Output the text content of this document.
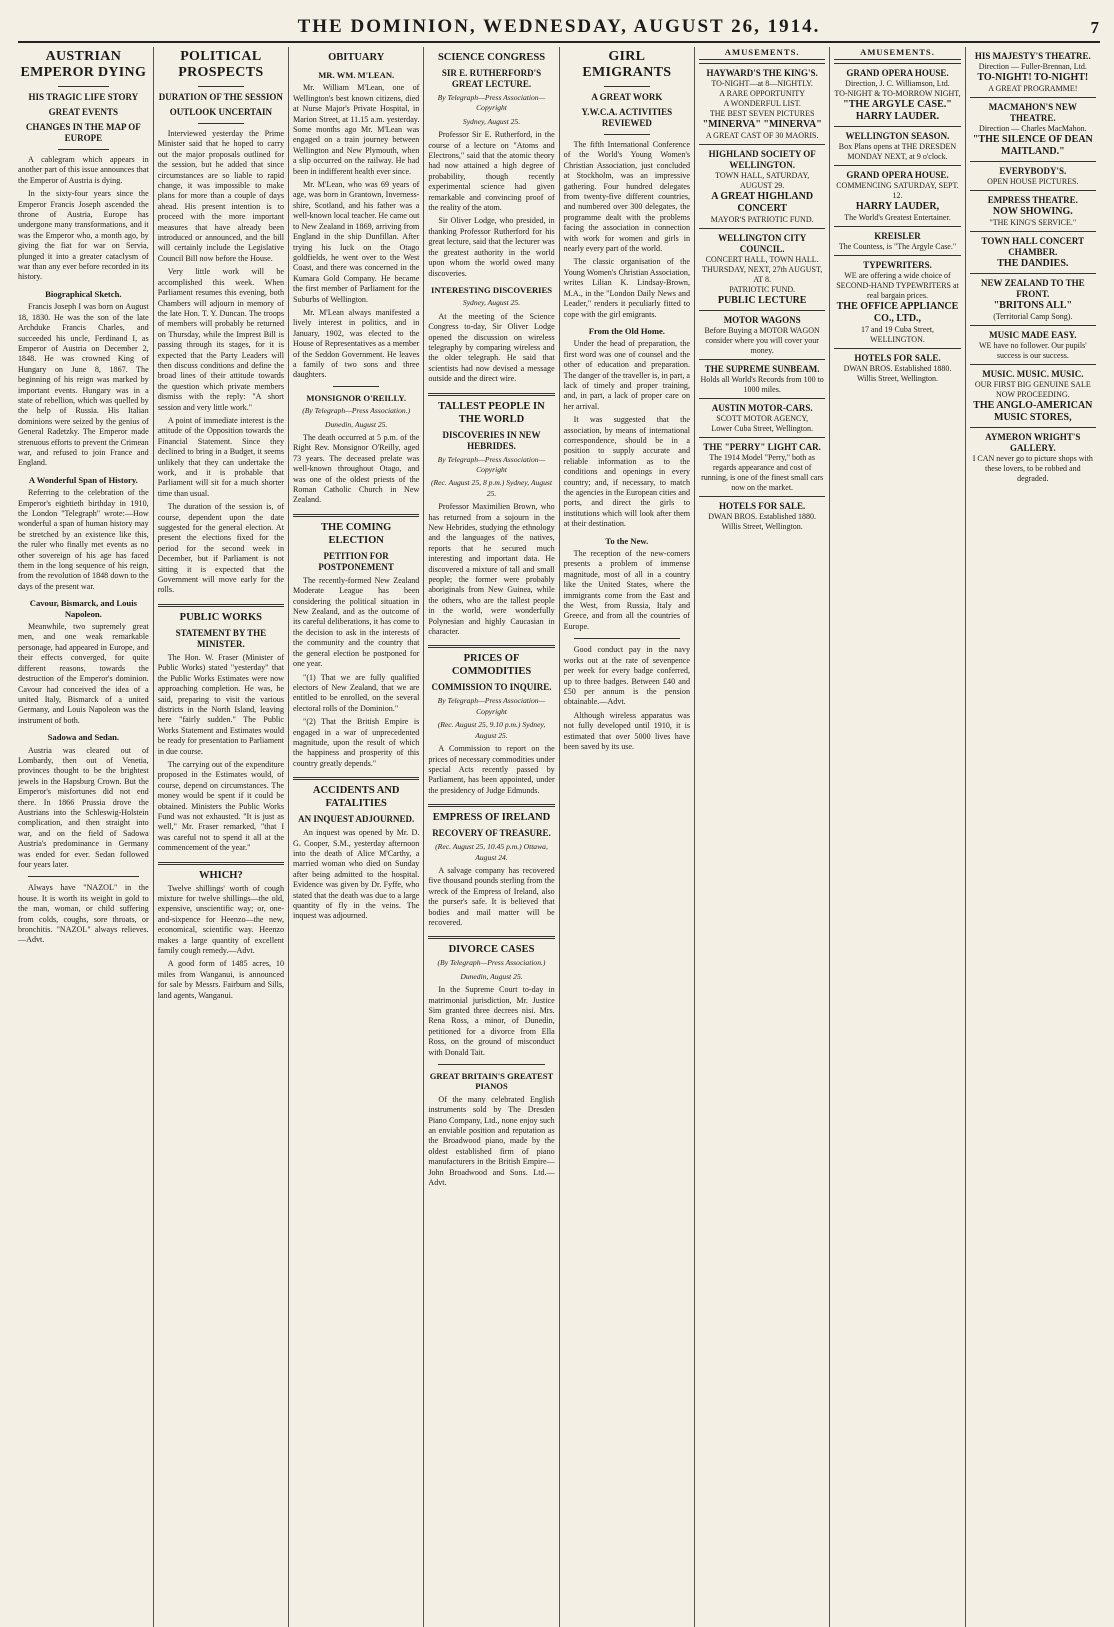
THE DOMINION, WEDNESDAY, AUGUST 26, 1914.	7
AUSTRIAN EMPEROR DYING
HIS TRAGIC LIFE STORY
GREAT EVENTS
CHANGES IN THE MAP OF EUROPE

A cablegram which appears in another part of this issue announces that the Emperor of Austria is dying.

In the sixty-four years since the Emperor Francis Joseph ascended the throne of Austria, Europe has undergone many transformations, and it was the Emperor who, a month ago, by giving the fiat for war on Servia, plunged it into a greater cataclysm of war than any ever before recorded in its history.

Biographical Sketch.

Francis Joseph I was born on August 18, 1830. He was the son of the late Archduke Francis Charles, and succeeded his uncle, Ferdinand I, as Emperor of Austria on December 2, 1848. He was crowned King of Hungary on June 8, 1867. The beginning of his reign was marked by important events. Hungary was in a state of rebellion, which was quelled by the help of Russia. His Italian dominions were seized by the genius of General Radetzky. The Emperor made strenuous efforts to prevent the Crimean war, and refused to join France and England.

A Wonderful Span of History.

Referring to the celebration of the Emperor's eightieth birthday in 1910, the London "Telegraph" wrote:—How wonderful a span of human history may be stretched by an existence like this, the ruler who finally met events as no other sovereign of his age has faced them in the long sequence of his reign, from the revolution of 1848 down to the days of the present war.

Cavour, Bismarck, and Louis Napoleon.

Meanwhile, two supremely great men, and one weak remarkable personage, had appeared in Europe, and their effects converged, for quite different reasons, towards the destruction of the Emperor's dominion. Cavour had conceived the idea of a united Italy, Bismarck of a united Germany, and Louis Napoleon was the instrument of both.

Sadowa and Sedan.

Austria was cleared out of Lombardy, then out of Venetia, provinces thought to be the brightest jewels in the Hapsburg Crown. But the Emperor's misfortunes did not end there. In 1866 Prussia drove the Austrians into the Schleswig-Holstein complication, and then straight into war, and on the field of Sadowa Austria's predominance in Germany was ended for ever. Sedan followed four years later.

Always have "NAZOL" in the house. It is worth its weight in gold to the man, woman, or child suffering from colds, coughs, sore throats, or bronchitis. "NAZOL" always relieves.—Advt.

POLITICAL PROSPECTS
DURATION OF THE SESSION
OUTLOOK UNCERTAIN

Interviewed yesterday the Prime Minister said that he hoped to carry out the major proposals outlined for the session, but he added that since circumstances are so liable to rapid change, it was impossible to make plans for more than a couple of days ahead. His present intention is to proceed with the more important measures that have already been introduced or announced, and the bill will certainly include the Legislative Council Bill now before the House.

Very little work will be accomplished this week. When Parliament resumes this evening, both Chambers will adjourn in memory of the late Hon. T. Y. Duncan. The troops of members will probably be returned on Thursday, while the Imprest Bill is passing through its stages, for it is expected that the Party Leaders will then discuss conditions and define the broad lines of their attitude towards the question which private members dismiss with the reply: "A short session and very little work."

A point of immediate interest is the attitude of the Opposition towards the Financial Statement. Since they declined to bring in a Budget, it seems unlikely that they can undertake the work, and it is probable that Parliament will sit for a much shorter time than usual.

The duration of the session is, of course, dependent upon the date suggested for the general election. At present the elections fixed for the period for the second week in December, but if Parliament is not sitting it is expected that the Government will move early for the rolls.

PUBLIC WORKS
STATEMENT BY THE MINISTER.

The Hon. W. Fraser (Minister of Public Works) stated "yesterday" that the Public Works Estimates were now approaching completion. He was, he said, preparing to visit the various districts in the North Island, leaving here "fairly sudden." The Public Works Statement and Estimates would be ready for presentation to Parliament in due course.

The carrying out of the expenditure proposed in the Estimates would, of course, depend on circumstances. The money would be spent if it could be obtained. Ministers the Public Works Fund was not exhausted. "It is just as well," Mr. Fraser remarked, "that I was careful not to spend it all at the commencement of the year."

WHICH?

Twelve shillings' worth of cough mixture for twelve shillings—the old, expensive, unscientific way; or, one-and-sixpence for Heenzo—the new, economical, scientific way. Heenzo makes a large quantity of excellent family cough remedy.—Advt.

A good form of 1485 acres, 10 miles from Wanganui, is announced for sale by Messrs. Fairburn and Sills, land agents, Wanganui.

OBITUARY
MR. WM. M'LEAN.

Mr. William M'Lean, one of Wellington's best known citizens, died at Nurse Major's Private Hospital, in Marion Street, at 11.15 a.m. yesterday. Some months ago Mr. M'Lean was engaged on a train journey between Wellington and New Plymouth, when a slip occurred on the railway. He had been in indifferent health ever since.

Mr. M'Lean, who was 69 years of age, was born in Grantown, Inverness-shire, Scotland, and his father was a well-known local teacher. He came out to New Zealand in 1869, arriving from England in the ship Dunfillan. After trying his luck on the Otago goldfields, he went over to the West Coast, and there was concerned in the Kumara Gold Company. He became the first member of Parliament for the Suburbs of Wellington.

Mr. M'Lean always manifested a lively interest in politics, and in January, 1902, was elected to the House of Representatives as a member of the Seddon Government. He leaves a family of two sons and three daughters.

MONSIGNOR O'REILLY.
(By Telegraph—Press Association.)
Dunedin, August 25.

The death occurred at 5 p.m. of the Right Rev. Monsignor O'Reilly, aged 73 years. The deceased prelate was well-known throughout Otago, and was one of the oldest priests of the Roman Catholic Church in New Zealand.

THE COMING ELECTION
PETITION FOR POSTPONEMENT

The recently-formed New Zealand Moderate League has been considering the political situation in New Zealand, and as the outcome of its careful deliberations, it has come to the decision to ask in the interests of the community and the country that the general election be postponed for one year.

"(1) That we are fully qualified electors of New Zealand, that we are entitled to be enrolled, on the several electoral rolls of the Dominion."

"(2) That the British Empire is engaged in a war of unprecedented magnitude, upon the result of which the happiness and prosperity of this country greatly depends."

ACCIDENTS AND FATALITIES
AN INQUEST ADJOURNED.

An inquest was opened by Mr. D. G. Cooper, S.M., yesterday afternoon into the death of Alice M'Carthy, a married woman who died on Sunday after being admitted to the hospital. Evidence was given by Dr. Fyffe, who stated that the death was due to a large quantity of fly in the veins. The inquest was adjourned.

SCIENCE CONGRESS
SIR E. RUTHERFORD'S GREAT LECTURE.
By Telegraph—Press Association—Copyright
Sydney, August 25.

Professor Sir E. Rutherford, in the course of a lecture on "Atoms and Electrons," said that the atomic theory had now attained a high degree of probability, though recently experimental science had given remarkable and convincing proof of the reality of the atom.

Sir Oliver Lodge, who presided, in thanking Professor Rutherford for his great lecture, said that the lecturer was the greatest authority in the world upon whom the world owed many discoveries.

INTERESTING DISCOVERIES
Sydney, August 25.

At the meeting of the Science Congress to-day, Sir Oliver Lodge opened the discussion on wireless telegraphy by comparing wireless and the older telegraph. He said that scientists had now devised a message outside and the direct wire.

TALLEST PEOPLE IN THE WORLD
DISCOVERIES IN NEW HEBRIDES.
By Telegraph—Press Association—Copyright
(Rec. August 25, 8 p.m.) Sydney, August 25.

Professor Maximilien Brown, who has returned from a sojourn in the New Hebrides, studying the ethnology and the languages of the natives, reports that he secured much interesting and important data. He discovered a mixture of tall and small people; the former were probably aboriginals from New Guinea, while the others, who are the tallest people in the world, were wonderfully Polynesian and highly Caucasian in character.

PRICES OF COMMODITIES
COMMISSION TO INQUIRE.
By Telegraph—Press Association—Copyright
(Rec. August 25, 9.10 p.m.) Sydney, August 25.

A Commission to report on the prices of necessary commodities under special Acts recently passed by Parliament, has been appointed, under the presidency of Judge Edmunds.

EMPRESS OF IRELAND
RECOVERY OF TREASURE.
(Rec. August 25, 10.45 p.m.) Ottawa, August 24.

A salvage company has recovered five thousand pounds sterling from the wreck of the Empress of Ireland, also the purser's safe. It is believed that bodies and mail matter will be recovered.

DIVORCE CASES
(By Telegraph—Press Association.)
Dunedin, August 25.

In the Supreme Court to-day in matrimonial jurisdiction, Mr. Justice Sim granted three decrees nisi. Mrs. Rena Ross, a minor, of Dunedin, petitioned for a divorce from Ella Ross, on the ground of misconduct with Donald Tait.

GREAT BRITAIN'S GREATEST PIANOS

Of the many celebrated English instruments sold by The Dresden Piano Company, Ltd., none enjoy such an enviable position and reputation as the Broadwood piano, made by the oldest established firm of piano manufacturers in the British Empire—John Broadwood and Sons. Ltd.—Advt.

GIRL EMIGRANTS
A GREAT WORK
Y.W.C.A. ACTIVITIES REVIEWED

The fifth International Conference of the World's Young Women's Christian Association, just concluded at Stockholm, was an impressive gathering. Four hundred delegates from twenty-five different countries, and numbered over 300 delegates, the programme dealt with the problems facing the association in connection with work for women and girls in nearly every part of the world.

The classic organisation of the Young Women's Christian Association, writes Lilian K. Lindsay-Brown, M.A., in the "London Daily News and Leader," renders it peculiarly fitted to cope with the girl emigrants.

From the Old Home.

Under the head of preparation, the first word was one of counsel and the other of education and preparation. The danger of the traveller is, in part, a lack of timely and proper training, and, in part, a lack of proper care on her arrival.

It was suggested that the association, by means of international correspondence, should be in a position to supply accurate and reliable information as to the conditions and openings in every country; and, if necessary, to match the agencies in the European cities and ports, and direct the girls to institutions which will look after them at their destination.

To the New.

The reception of the new-comers presents a problem of immense magnitude, most of all in a country like the United States, where the immigrants come from the East and the West, from Russia, Italy and Greece, and from all the countries of Europe.

Good conduct pay in the navy works out at the rate of sevenpence per week for every badge conferred, up to three badges. Between £40 and £50 per annum is the pension obtainable.—Advt.

Although wireless apparatus was not fully developed until 1910, it is estimated that over 5000 lives have been saved by its use.

AMUSEMENTS.
HAYWARD'S THE KING'S.
TO-NIGHT—at 8—NIGHTLY.
A RARE OPPORTUNITY
A WONDERFUL LIST.
THE BEST SEVEN PICTURES
"MINERVA" "MINERVA"
A GREAT CAST OF 30 MAORIS.
HIGHLAND SOCIETY OF WELLINGTON.
TOWN HALL, SATURDAY, AUGUST 29.
A GREAT HIGHLAND CONCERT
MAYOR'S PATRIOTIC FUND.
WELLINGTON CITY COUNCIL.
CONCERT HALL, TOWN HALL.
THURSDAY, NEXT, 27th AUGUST, AT 8.
PATRIOTIC FUND.
PUBLIC LECTURE
MOTOR WAGONS
Before Buying a MOTOR WAGON consider where you will cover your money.
THE SUPREME SUNBEAM.
Holds all World's Records from 100 to 1000 miles.
AUSTIN MOTOR-CARS.
SCOTT MOTOR AGENCY,
Lower Cuba Street, Wellington.
THE "PERRY" LIGHT CAR.
The 1914 Model "Perry," both as regards appearance and cost of running, is one of the finest small cars now on the market.
HOTELS FOR SALE.
DWAN BROS. Established 1880.
Willis Street, Wellington.
AMUSEMENTS.
GRAND OPERA HOUSE.
Direction, J. C. Williamson, Ltd.
TO-NIGHT & TO-MORROW NIGHT,
"THE ARGYLE CASE."
HARRY LAUDER.
WELLINGTON SEASON.
Box Plans opens at THE DRESDEN MONDAY NEXT, at 9 o'clock.
GRAND OPERA HOUSE.
COMMENCING SATURDAY, SEPT. 12.
HARRY LAUDER,
The World's Greatest Entertainer.
KREISLER
The Countess, is "The Argyle Case."
TYPEWRITERS.
WE are offering a wide choice of SECOND-HAND TYPEWRITERS at real bargain prices.
THE OFFICE APPLIANCE CO., LTD.,
17 and 19 Cuba Street,
WELLINGTON.
HOTELS FOR SALE.
DWAN BROS. Established 1880.
Willis Street, Wellington.
HIS MAJESTY'S THEATRE.
Direction — Fuller-Brennan, Ltd.
TO-NIGHT! TO-NIGHT!
A GREAT PROGRAMME!
MACMAHON'S NEW THEATRE.
Direction — Charles MacMahon.
"THE SILENCE OF DEAN MAITLAND."
EVERYBODY'S.
OPEN HOUSE PICTURES.
EMPRESS THEATRE.
NOW SHOWING.
"THE KING'S SERVICE."
TOWN HALL CONCERT CHAMBER.
THE DANDIES.
NEW ZEALAND TO THE FRONT.
"BRITONS ALL"
(Territorial Camp Song).
MUSIC MADE EASY.
WE have no follower. Our pupils' success is our success.
MUSIC. MUSIC. MUSIC.
OUR FIRST BIG GENUINE SALE NOW PROCEEDING.
THE ANGLO-AMERICAN MUSIC STORES,
AYMERON WRIGHT'S GALLERY.
I CAN never go to picture shops with these lovers, to be robbed and degraded.
